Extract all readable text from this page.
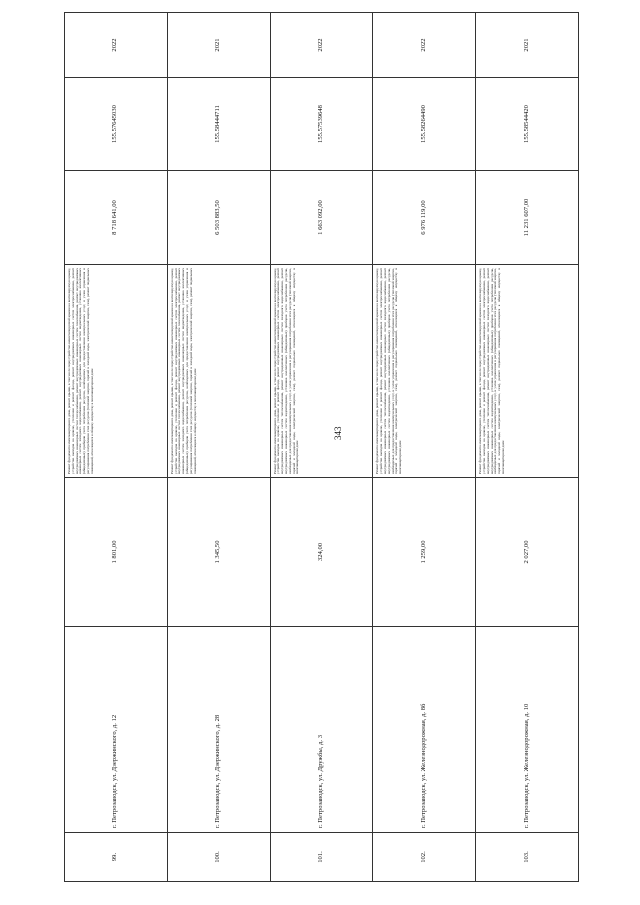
343
99.	г. Петрозаводск, ул. Дзержинского, д. 12	1 801,00	Ремонт фундамента многоквартирного дома, ремонт крыши, в том числе переустройство невентилируемой крыши на вентилируемую крышу, устройство выходов на кровлю, утепление и ремонт фасада, ремонт внутридомовых инженерных систем электроснабжения, ремонт внутридомовых инженерных систем теплоснабжения, ремонт внутридомовых инженерных систем газоснабжения, ремонт внутридомовых инженерных систем холодного водоснабжения, ремонт внутридомовых инженерных систем водоотведения, установка коллективных (общедомовых) приборов учета потребления ресурсов, необходимых для предоставления коммунальных услуг, и узлов управления и регулирования потребления этих ресурсов (тепловой энергии, горячей и холодной воды, электрической энергии, газа), ремонт подвальных помещений, относящихся к общему имуществу в многоквартирном доме	8 718 641,00	155.57645030	2022
100.	г. Петрозаводск, ул. Дзержинского, д. 28	1 345,50	Ремонт фундамента многоквартирного дома, ремонт крыши, в том числе переустройство невентилируемой крыши на вентилируемую крышу, устройство выходов на кровлю, утепление и ремонт фасада, ремонт внутридомовых инженерных систем электроснабжения, ремонт внутридомовых инженерных систем теплоснабжения, ремонт внутридомовых инженерных систем газоснабжения, ремонт внутридомовых инженерных систем холодного водоснабжения, ремонт внутридомовых инженерных систем водоотведения, установка коллективных (общедомовых) приборов учета потребления ресурсов, необходимых для предоставления коммунальных услуг, и узлов управления и регулирования потребления этих ресурсов (тепловой энергии, горячей и холодной воды, электрической энергии, газа), ремонт подвальных помещений, относящихся к общему имуществу в многоквартирном доме	6 503 883,50	155.58444711	2021
101.	г. Петрозаводск, ул. Дружбы, д. 3	324,00	Ремонт фундамента многоквартирного дома, ремонт крыши, в том числе переустройство невентилируемой крыши на вентилируемую крышу, устройство выходов на кровлю, утепление и ремонт фасада, ремонт внутридомовых инженерных систем электроснабжения, ремонт внутридомовых инженерных систем теплоснабжения, ремонт внутридомовых инженерных систем холодного водоснабжения, ремонт внутридомовых инженерных систем водоотведения, установка коллективных (общедомовых) приборов учета потребления ресурсов, необходимых для предоставления коммунальных услуг, и узлов управления и регулирования потребления этих ресурсов (тепловой энергии, горячей и холодной воды, электрической энергии, газа), ремонт подвальных помещений, относящихся к общему имуществу в многоквартирном доме	1 663 092,00	155.57539648	2022
102.	г. Петрозаводск, ул. Железнодорожная, д. 8б	1 259,00	Ремонт фундамента многоквартирного дома, ремонт крыши, в том числе переустройство невентилируемой крыши на вентилируемую крышу, устройство выходов на кровлю, утепление и ремонт фасада, ремонт внутридомовых инженерных систем электроснабжения, ремонт внутридомовых инженерных систем теплоснабжения, ремонт внутридомовых инженерных систем холодного водоснабжения, ремонт внутридомовых инженерных систем водоотведения, установка коллективных (общедомовых) приборов учета потребления ресурсов, необходимых для предоставления коммунальных услуг, и узлов управления и регулирования потребления этих ресурсов (тепловой энергии, горячей и холодной воды, электрической энергии, газа), ремонт подвальных помещений, относящихся к общему имуществу в многоквартирном доме	6 976 119,00	155.58264490	2022
103.	г. Петрозаводск, ул. Железнодорожная, д. 10	2 027,00	Ремонт фундамента многоквартирного дома, ремонт крыши, в том числе переустройство невентилируемой крыши на вентилируемую крышу, устройство выходов на кровлю, утепление и ремонт фасада, ремонт внутридомовых инженерных систем электроснабжения, ремонт внутридомовых инженерных систем теплоснабжения, ремонт внутридомовых инженерных систем холодного водоснабжения, ремонт внутридомовых инженерных систем водоотведения, установка коллективных (общедомовых) приборов учета потребления ресурсов, необходимых для предоставления коммунальных услуг, и узлов управления и регулирования потребления этих ресурсов (тепловой энергии, горячей и холодной воды, электрической энергии, газа), ремонт подвальных помещений, относящихся к общему имуществу в многоквартирном доме	11 231 607,00	155.58544420	2021
